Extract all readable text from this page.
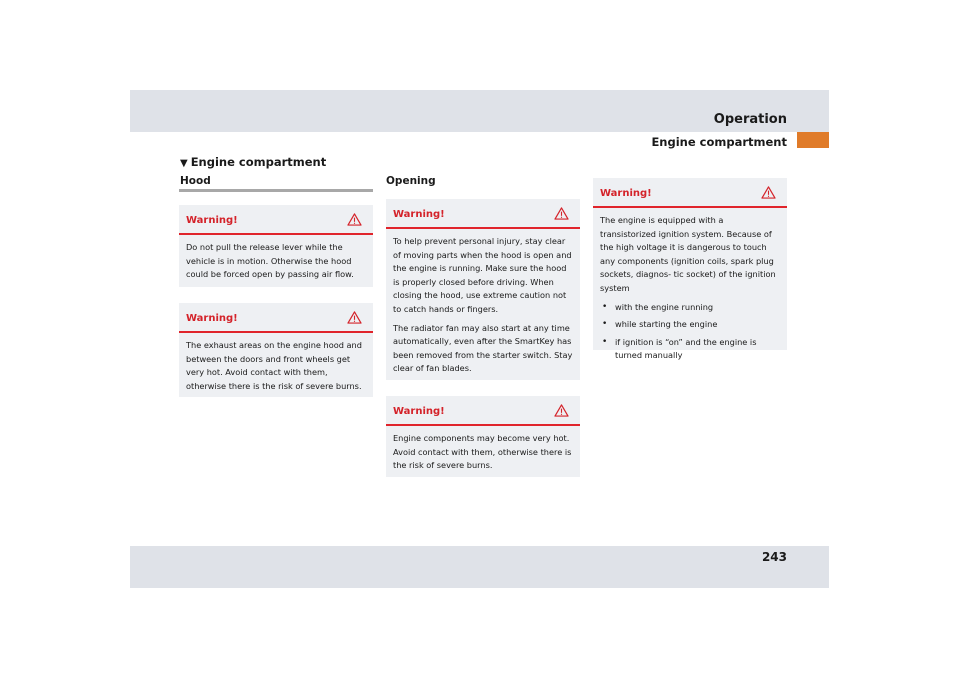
Operation
Engine compartment
243
▼ Engine compartment
Hood	Opening
Warning!

Do not pull the release lever while the vehicle is in motion. Otherwise the hood could be forced open by passing air flow.

Warning!

The exhaust areas on the engine hood and between the doors and front wheels get very hot. Avoid contact with them, otherwise there is the risk of severe burns.

Warning!

To help prevent personal injury, stay clear of moving parts when the hood is open and the engine is running. Make sure the hood is properly closed before driving. When closing the hood, use extreme caution not to catch hands or fingers.

The radiator fan may also start at any time automatically, even after the SmartKey has been removed from the starter switch. Stay clear of fan blades.

Warning!

Engine components may become very hot. Avoid contact with them, otherwise there is the risk of severe burns.

Warning!

The engine is equipped with a transistorized ignition system. Because of the high voltage it is dangerous to touch any components (ignition coils, spark plug sockets, diagnos- tic socket) of the ignition system

• with the engine running
• while starting the engine
• if ignition is “on” and the engine is turned manually
